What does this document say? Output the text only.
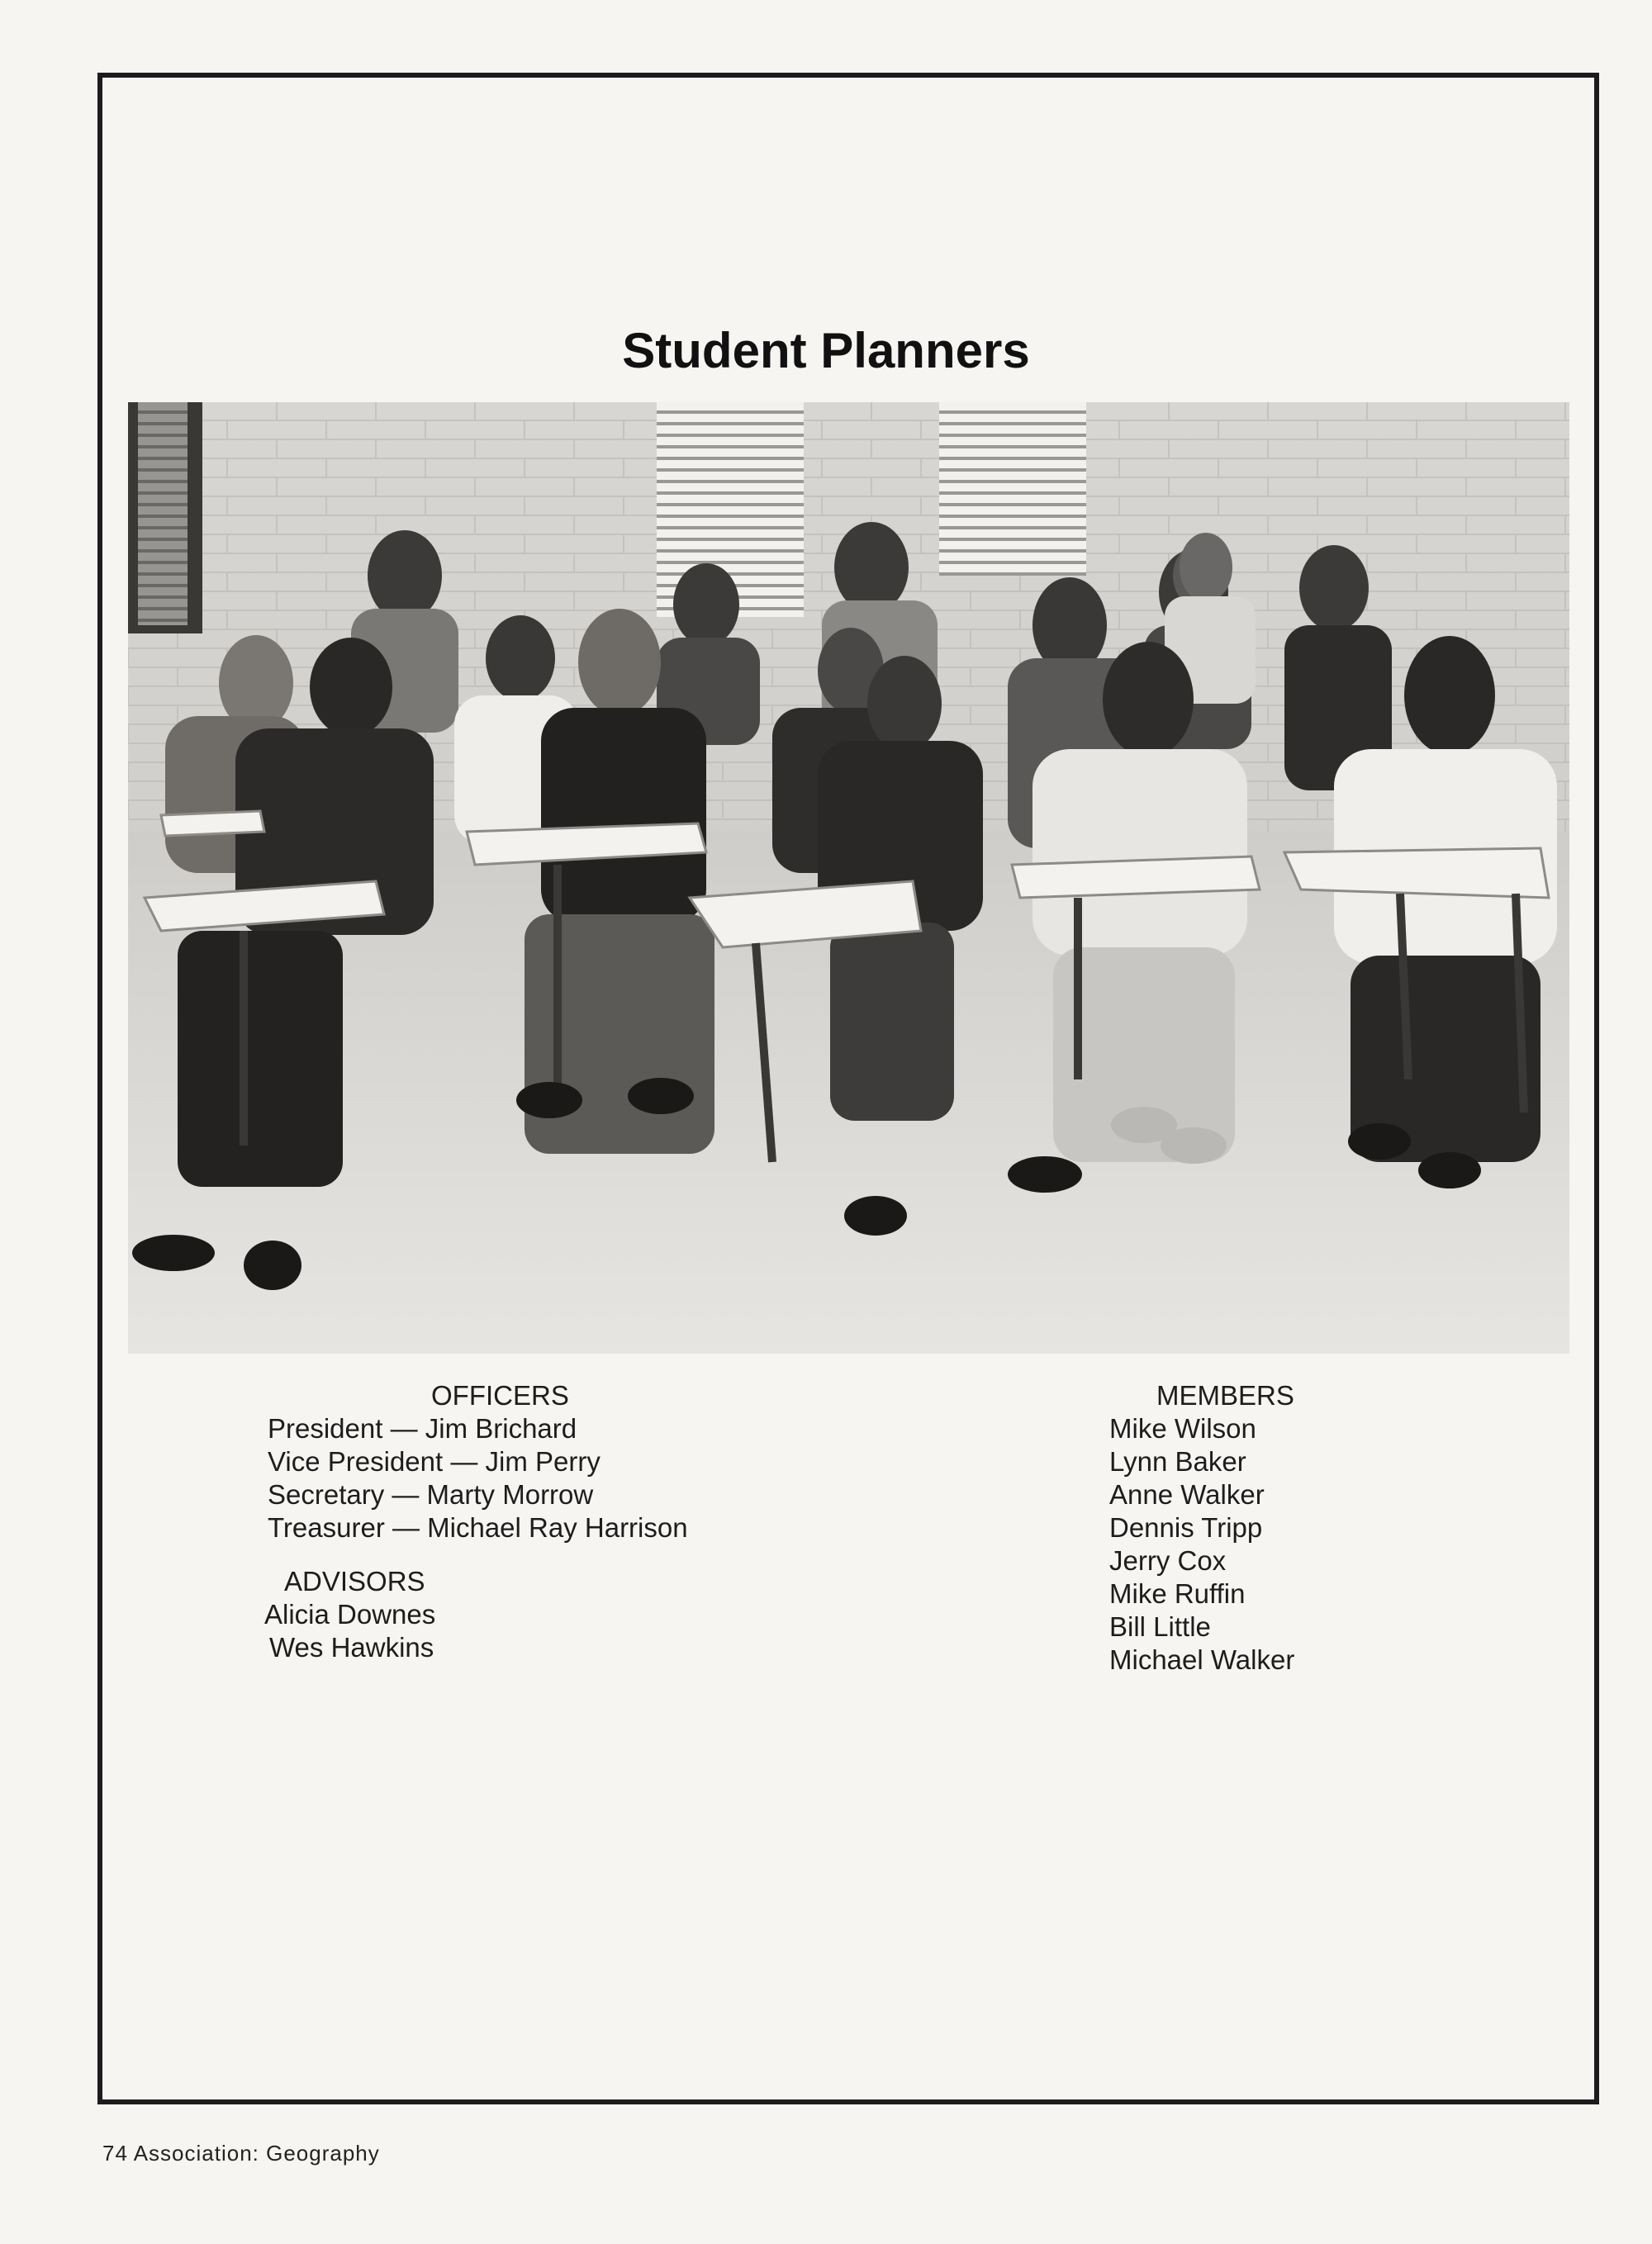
Student Planners
OFFICERS
President — Jim Brichard
Vice President — Jim Perry
Secretary — Marty Morrow
Treasurer — Michael Ray Harrison
ADVISORS
Alicia Downes
Wes Hawkins
MEMBERS
Mike Wilson
Lynn Baker
Anne Walker
Dennis Tripp
Jerry Cox
Mike Ruffin
Bill Little
Michael Walker
74 Association: Geography
